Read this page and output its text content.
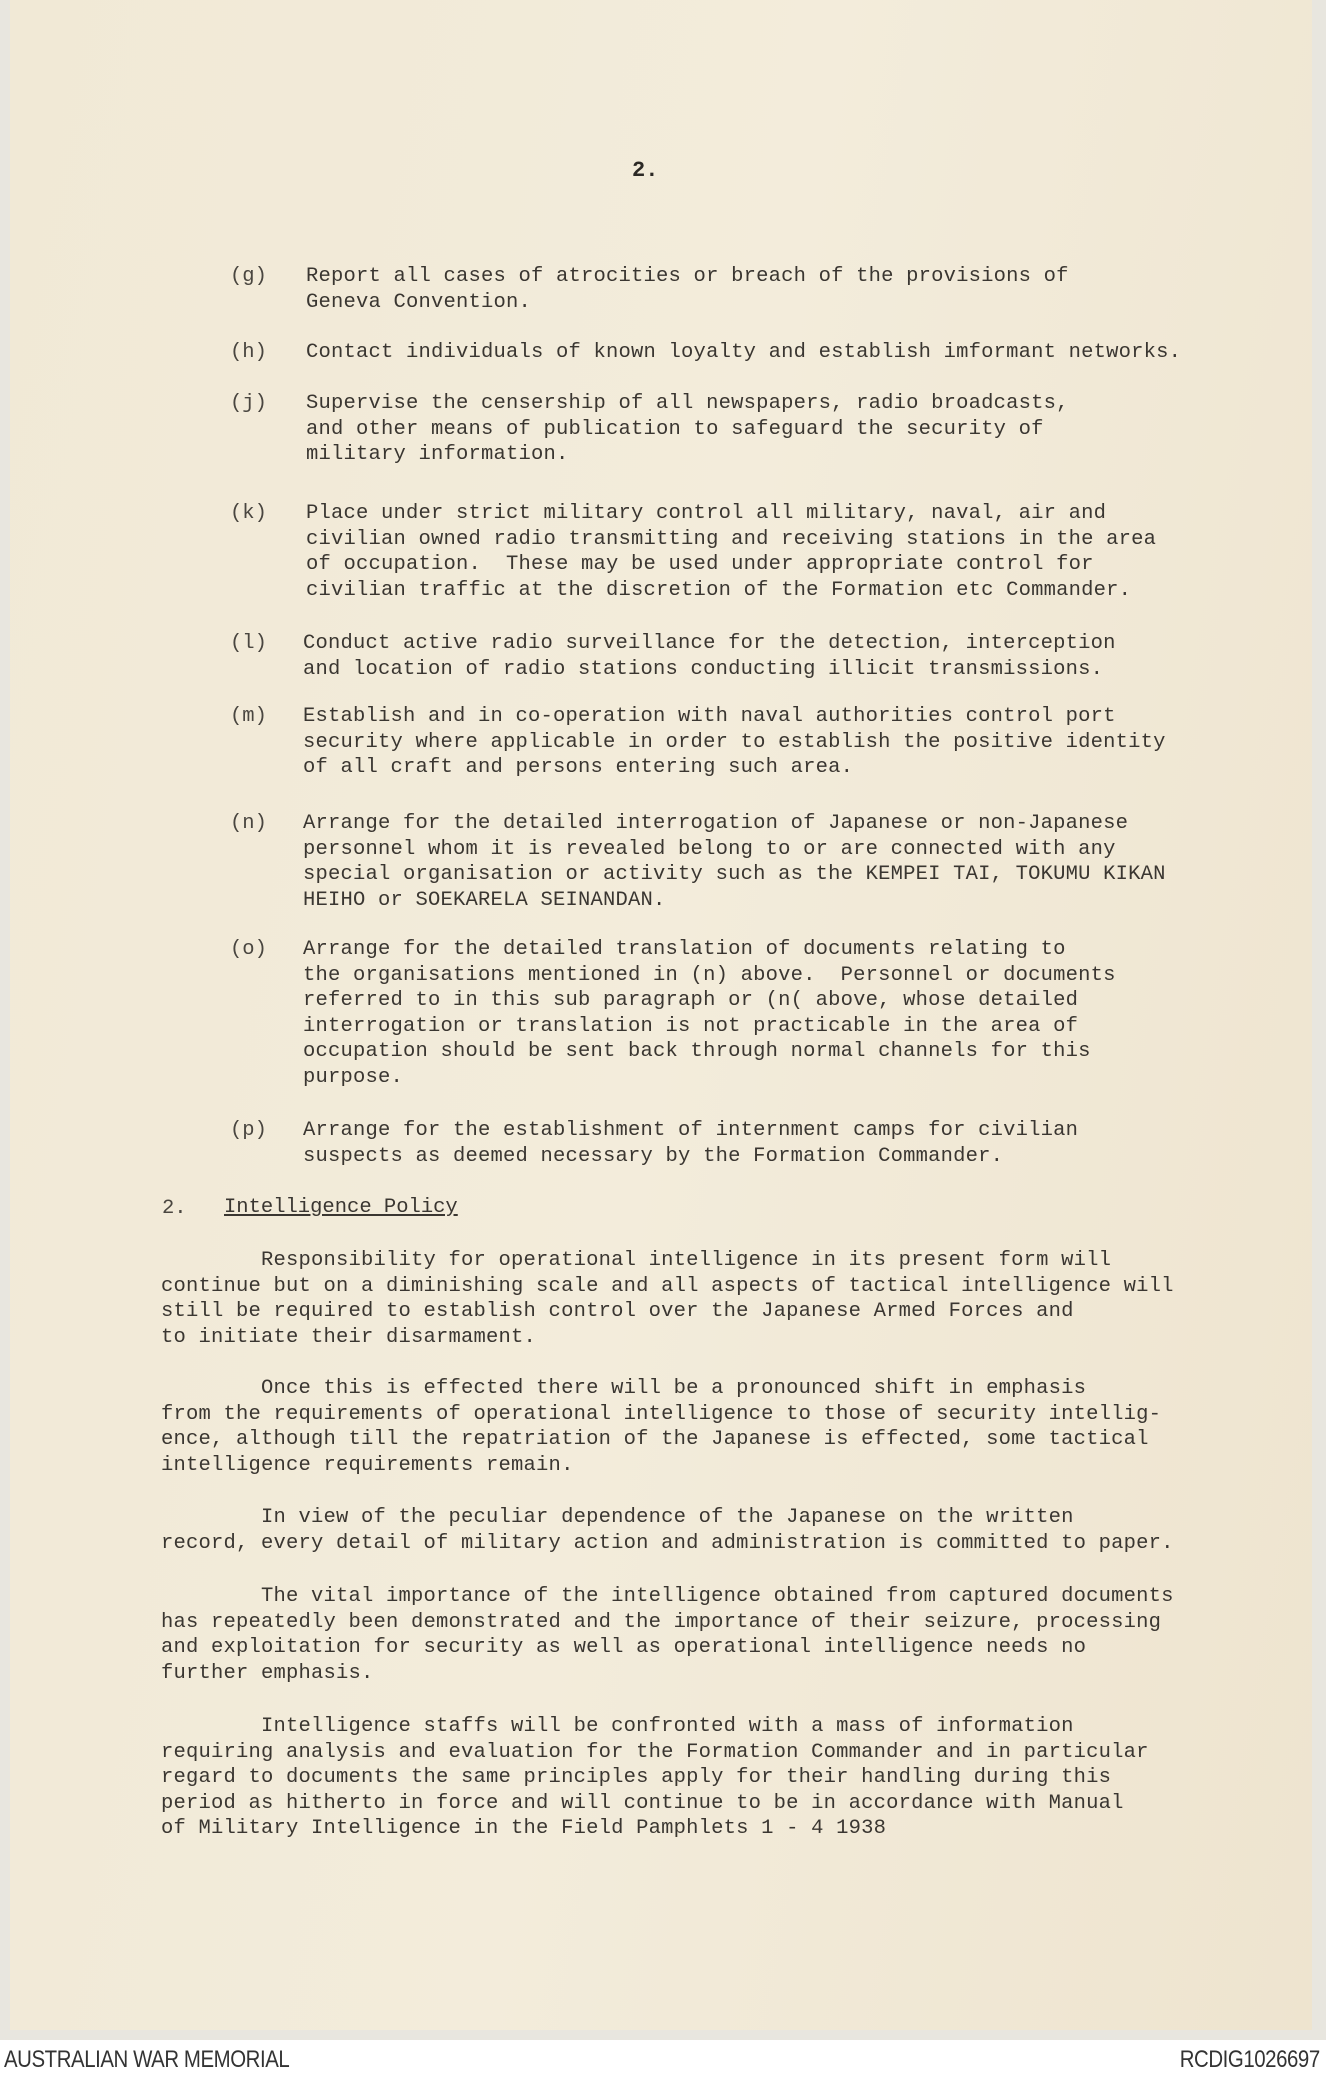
2.
(g) Report all cases of atrocities or breach of the provisions of
Geneva Convention.
(h) Contact individuals of known loyalty and establish imformant networks.
(j) Supervise the censership of all newspapers, radio broadcasts,
and other means of publication to safeguard the security of
military information.
(k) Place under strict military control all military, naval, air and
civilian owned radio transmitting and receiving stations in the area
of occupation.  These may be used under appropriate control for
civilian traffic at the discretion of the Formation etc Commander.
(l) Conduct active radio surveillance for the detection, interception
and location of radio stations conducting illicit transmissions.
(m) Establish and in co-operation with naval authorities control port
security where applicable in order to establish the positive identity
of all craft and persons entering such area.
(n) Arrange for the detailed interrogation of Japanese or non-Japanese
personnel whom it is revealed belong to or are connected with any
special organisation or activity such as the KEMPEI TAI, TOKUMU KIKAN
HEIHO or SOEKARELA SEINANDAN.
(o) Arrange for the detailed translation of documents relating to
the organisations mentioned in (n) above.  Personnel or documents
referred to in this sub paragraph or (n( above, whose detailed
interrogation or translation is not practicable in the area of
occupation should be sent back through normal channels for this
purpose.
(p) Arrange for the establishment of internment camps for civilian
suspects as deemed necessary by the Formation Commander.
2. Intelligence Policy
Responsibility for operational intelligence in its present form will
continue but on a diminishing scale and all aspects of tactical intelligence will
still be required to establish control over the Japanese Armed Forces and
to initiate their disarmament.
Once this is effected there will be a pronounced shift in emphasis
from the requirements of operational intelligence to those of security intellig-
ence, although till the repatriation of the Japanese is effected, some tactical
intelligence requirements remain.
In view of the peculiar dependence of the Japanese on the written
record, every detail of military action and administration is committed to paper.
The vital importance of the intelligence obtained from captured documents
has repeatedly been demonstrated and the importance of their seizure, processing
and exploitation for security as well as operational intelligence needs no
further emphasis.
Intelligence staffs will be confronted with a mass of information
requiring analysis and evaluation for the Formation Commander and in particular
regard to documents the same principles apply for their handling during this
period as hitherto in force and will continue to be in accordance with Manual
of Military Intelligence in the Field Pamphlets 1 - 4 1938
AUSTRALIAN WAR MEMORIAL	RCDIG1026697
